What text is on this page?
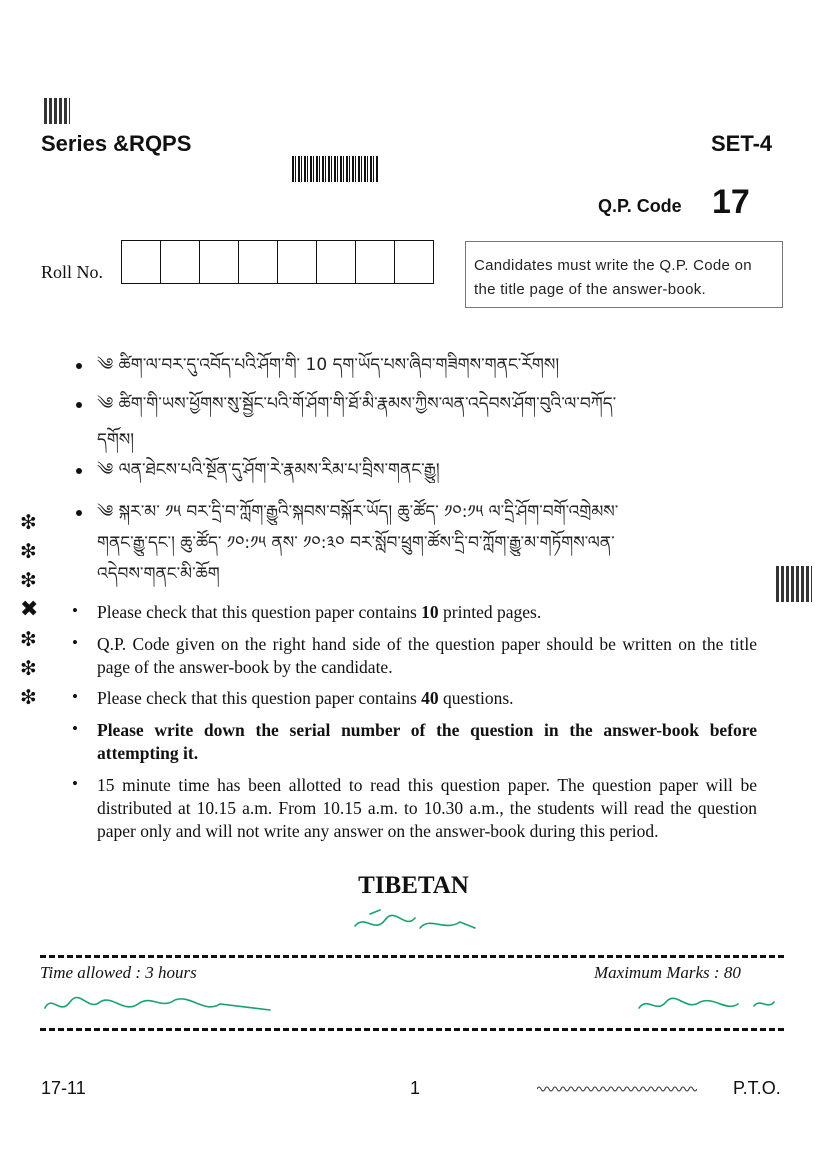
Series &RQPS	SET-4
Q.P. Code 17
Roll No.	Candidates must write the Q.P. Code on the title page of the answer-book.
༄ ཚིག་ལ་བར་དུ་འབོད་པའི་ཤོག་གི་ 10 དག་ཡོད་པས་ཞིབ་གཟིགས་གནང་རོགས།
༄ ཚིག་གི་ཡས་ཕྱོགས་སུ་སྦྱོང་པའི་གོ་ཤོག་གི་ཐོ་མི་རྣམས་ཀྱིས་ལན་འདེབས་ཤོག་བུའི་ལ་བཀོད་
དགོས།
༄ ལན་ཐེངས་པའི་སྔོན་དུ་ཤོག་རེ་རྣམས་རིམ་པ་བྲིས་གནང་རྒྱུ།
༄ སྐར་མ་ ༡༥ བར་དྲི་བ་ཀློག་རྒྱུའི་སྐབས་བསྐོར་ཡོད། ཆུ་ཚོད་ ༡༠:༡༥ ལ་དྲི་ཤོག་བགོ་འགྲེམས་
གནང་རྒྱུ་དང་། ཆུ་ཚོད་ ༡༠:༡༥ ནས་ ༡༠:༣༠ བར་སློབ་ཕྲུག་ཚོས་དྲི་བ་ཀློག་རྒྱུ་མ་གཏོགས་ལན་
འདེབས་གནང་མི་ཆོག
❇
❇
❇
✖
❇
❇
❇
• Please check that this question paper contains 10 printed pages.
• Q.P. Code given on the right hand side of the question paper should be written on the title page of the answer-book by the candidate.
• Please check that this question paper contains 40 questions.
• Please write down the serial number of the question in the answer-book before attempting it.
• 15 minute time has been allotted to read this question paper. The question paper will be distributed at 10.15 a.m. From 10.15 a.m. to 10.30 a.m., the students will read the question paper only and will not write any answer on the answer-book during this period.
TIBETAN
Time allowed : 3 hours	Maximum Marks : 80
17-11	1	P.T.O.
